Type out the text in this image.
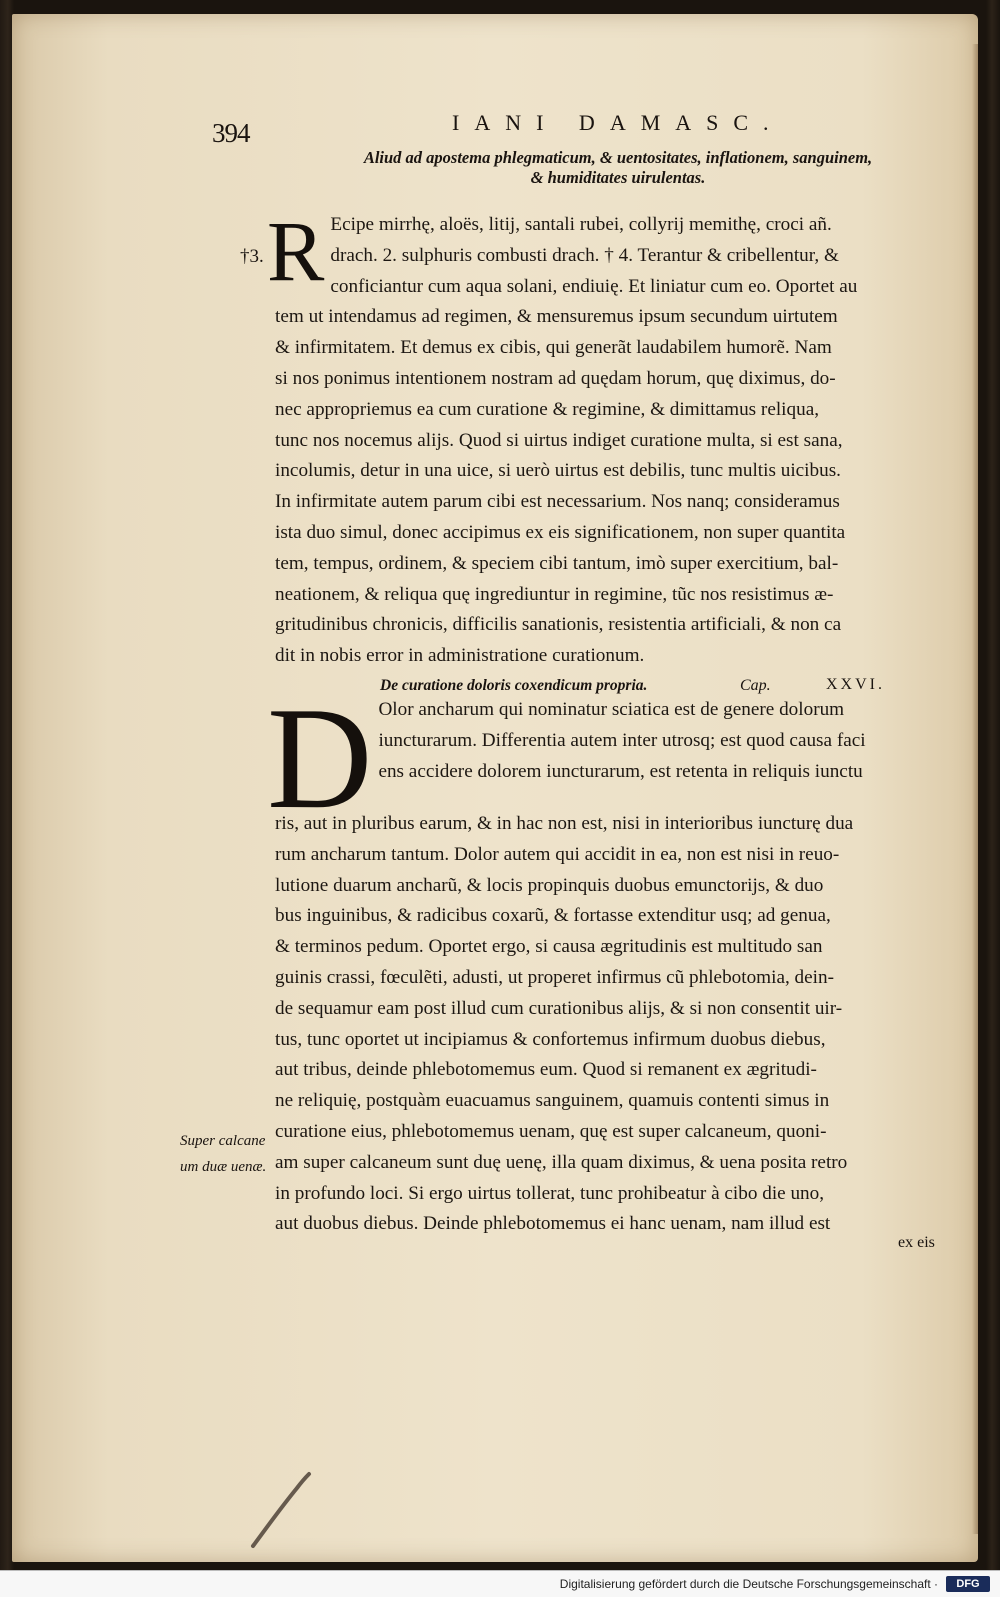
394	IANI DAMASC.
Aliud ad apostema phlegmaticum, & uentositates, inflationem, sanguinem,
& humiditates uirulentas.
†3. R Ecipe mirrhę, aloës, litij, santali rubei, collyrij memithę, croci añ.
drach. 2. sulphuris combusti drach. † 4. Terantur & cribellentur, &
conficiantur cum aqua solani, endiuię. Et liniatur cum eo. Oportet au
tem ut intendamus ad regimen, & mensuremus ipsum secundum uirtutem
& infirmitatem. Et demus ex cibis, qui generãt laudabilem humorẽ. Nam
si nos ponimus intentionem nostram ad quędam horum, quę diximus, do-
nec appropriemus ea cum curatione & regimine, & dimittamus reliqua,
tunc nos nocemus alijs. Quod si uirtus indiget curatione multa, si est sana,
incolumis, detur in una uice, si uerò uirtus est debilis, tunc multis uicibus.
In infirmitate autem parum cibi est necessarium. Nos nanq; consideramus
ista duo simul, donec accipimus ex eis significationem, non super quantita
tem, tempus, ordinem, & speciem cibi tantum, imò super exercitium, bal-
neationem, & reliqua quę ingrediuntur in regimine, tũc nos resistimus æ-
gritudinibus chronicis, difficilis sanationis, resistentia artificiali, & non ca
dit in nobis error in administratione curationum.
De curatione doloris coxendicum propria.	Cap.	XXVI.
D Olor ancharum qui nominatur sciatica est de genere dolorum
iuncturarum. Differentia autem inter utrosq; est quod causa faci
ens accidere dolorem iuncturarum, est retenta in reliquis iunctu
ris, aut in pluribus earum, & in hac non est, nisi in interioribus iuncturę dua
rum ancharum tantum. Dolor autem qui accidit in ea, non est nisi in reuo-
lutione duarum ancharũ, & locis propinquis duobus emunctorijs, & duo
bus inguinibus, & radicibus coxarũ, & fortasse extenditur usq; ad genua,
& terminos pedum. Oportet ergo, si causa ægritudinis est multitudo san
guinis crassi, fœculẽti, adusti, ut properet infirmus cũ phlebotomia, dein-
de sequamur eam post illud cum curationibus alijs, & si non consentit uir-
tus, tunc oportet ut incipiamus & confortemus infirmum duobus diebus,
aut tribus, deinde phlebotomemus eum. Quod si remanent ex ægritudi-
ne reliquię, postquàm euacuamus sanguinem, quamuis contenti simus in
curatione eius, phlebotomemus uenam, quę est super calcaneum, quoni-
am super calcaneum sunt duę uenę, illa quam diximus, & uena posita retro
in profundo loci. Si ergo uirtus tollerat, tunc prohibeatur à cibo die uno,
aut duobus diebus. Deinde phlebotomemus ei hanc uenam, nam illud est
Super calcane
um duæ uenæ.
ex eis
Digitalisierung gefördert durch die Deutsche Forschungsgemeinschaft ·	DFG
